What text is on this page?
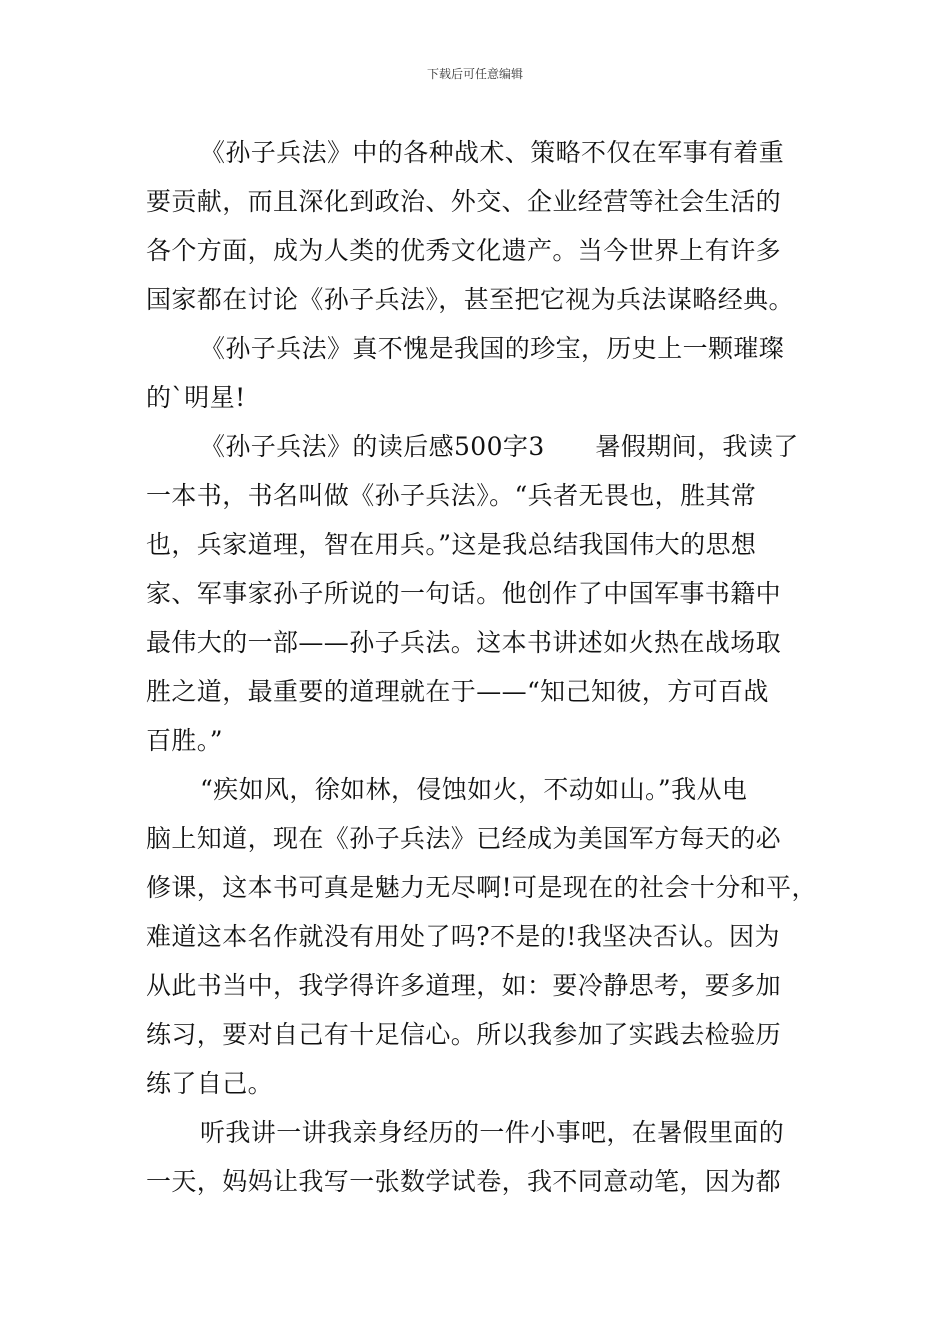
下载后可任意编辑
《孙子兵法》中的各种战术、策略不仅在军事有着重
要贡献，而且深化到政治、外交、企业经营等社会生活的
各个方面，成为人类的优秀文化遗产。当今世界上有许多
国家都在讨论《孙子兵法》，甚至把它视为兵法谋略经典。
《孙子兵法》真不愧是我国的珍宝，历史上一颗璀璨
的`明星!
《孙子兵法》的读后感500字3　　暑假期间，我读了
一本书，书名叫做《孙子兵法》。“兵者无畏也，胜其常
也，兵家道理，智在用兵。”这是我总结我国伟大的思想
家、军事家孙子所说的一句话。他创作了中国军事书籍中
最伟大的一部——孙子兵法。这本书讲述如火热在战场取
胜之道，最重要的道理就在于——“知己知彼，方可百战
百胜。”
“疾如风，徐如林，侵蚀如火，不动如山。”我从电
脑上知道，现在《孙子兵法》已经成为美国军方每天的必
修课，这本书可真是魅力无尽啊!可是现在的社会十分和平，
难道这本名作就没有用处了吗?不是的!我坚决否认。因为
从此书当中，我学得许多道理，如：要冷静思考，要多加
练习，要对自己有十足信心。所以我参加了实践去检验历
练了自己。
听我讲一讲我亲身经历的一件小事吧，在暑假里面的
一天，妈妈让我写一张数学试卷，我不同意动笔，因为都
